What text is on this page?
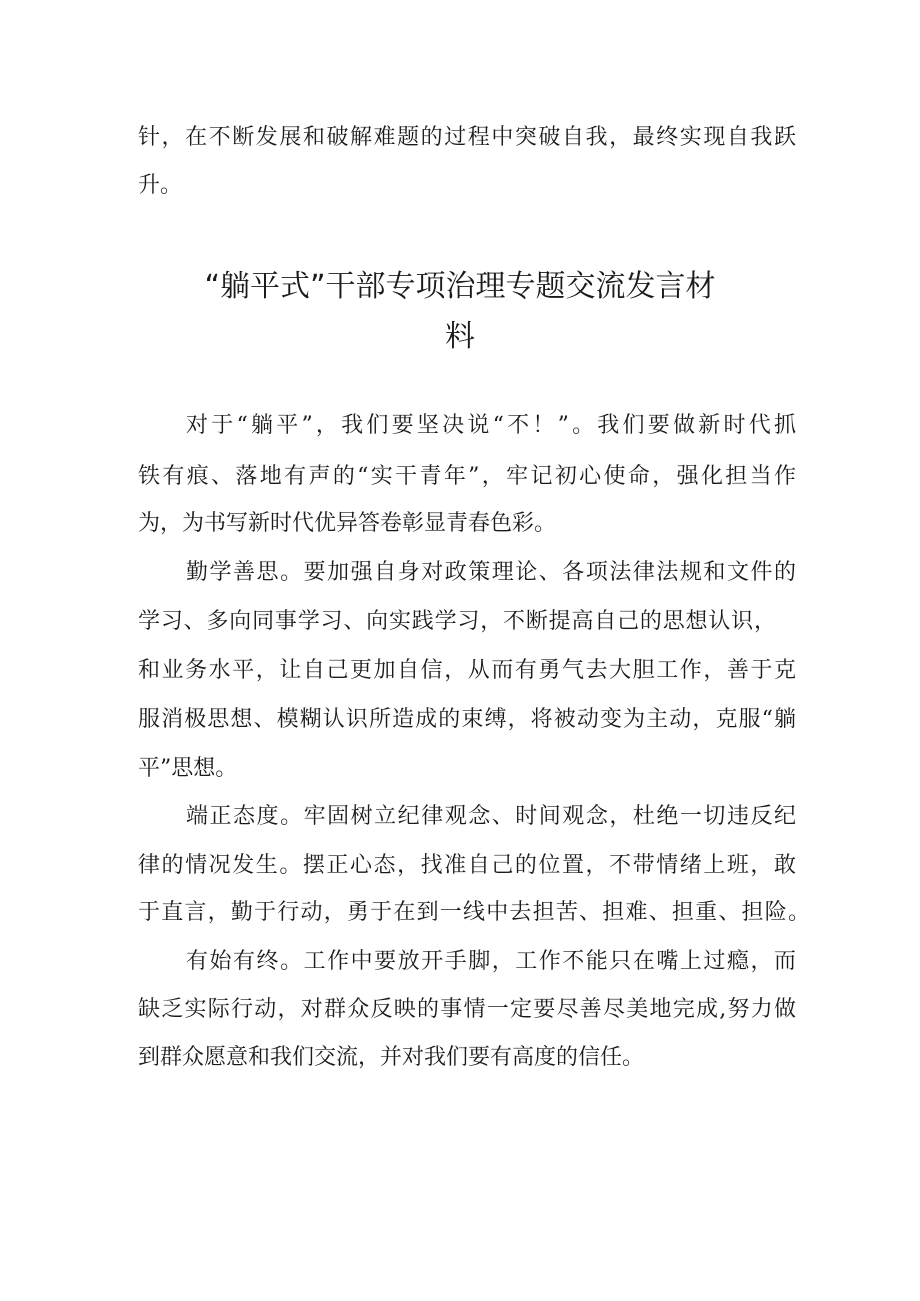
针，在不断发展和破解难题的过程中突破自我，最终实现自我跃
升。
“躺平式”干部专项治理专题交流发言材
料
对于“躺平”，我们要坚决说“不！”。我们要做新时代抓
铁有痕、落地有声的“实干青年”，牢记初心使命，强化担当作
为，为书写新时代优异答卷彰显青春色彩。
勤学善思。要加强自身对政策理论、各项法律法规和文件的
学习、多向同事学习、向实践学习，不断提高自己的思想认识，
和业务水平，让自己更加自信，从而有勇气去大胆工作，善于克
服消极思想、模糊认识所造成的束缚，将被动变为主动，克服“躺
平”思想。
端正态度。牢固树立纪律观念、时间观念，杜绝一切违反纪
律的情况发生。摆正心态，找准自己的位置，不带情绪上班，敢
于直言，勤于行动，勇于在到一线中去担苦、担难、担重、担险。
有始有终。工作中要放开手脚，工作不能只在嘴上过瘾，而
缺乏实际行动，对群众反映的事情一定要尽善尽美地完成,努力做
到群众愿意和我们交流，并对我们要有高度的信任。
